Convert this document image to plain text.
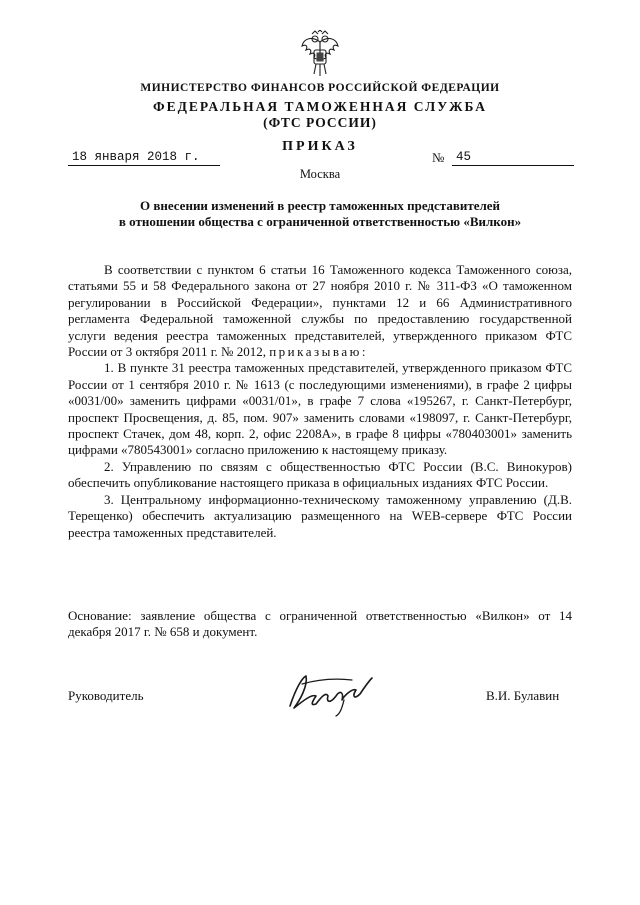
МИНИСТЕРСТВО ФИНАНСОВ РОССИЙСКОЙ ФЕДЕРАЦИИ
ФЕДЕРАЛЬНАЯ ТАМОЖЕННАЯ СЛУЖБА
(ФТС РОССИИ)
ПРИКАЗ
18 января 2018 г.	№ 45
Москва
О внесении изменений в реестр таможенных представителей
в отношении общества с ограниченной ответственностью «Вилкон»

В соответствии с пунктом 6 статьи 16 Таможенного кодекса Таможенного союза, статьями 55 и 58 Федерального закона от 27 ноября 2010 г. № 311-ФЗ «О таможенном регулировании в Российской Федерации», пунктами 12 и 66 Административного регламента Федеральной таможенной службы по предоставлению государственной услуги ведения реестра таможенных представителей, утвержденного приказом ФТС России от 3 октября 2011 г. № 2012, приказываю:

1. В пункте 31 реестра таможенных представителей, утвержденного приказом ФТС России от 1 сентября 2010 г. № 1613 (с последующими изменениями), в графе 2 цифры «0031/00» заменить цифрами «0031/01», в графе 7 слова «195267, г. Санкт-Петербург, проспект Просвещения, д. 85, пом. 907» заменить словами «198097, г. Санкт-Петербург, проспект Стачек, дом 48, корп. 2, офис 2208А», в графе 8 цифры «780403001» заменить цифрами «780543001» согласно приложению к настоящему приказу.

2. Управлению по связям с общественностью ФТС России (В.С. Винокуров) обеспечить опубликование настоящего приказа в официальных изданиях ФТС России.

3. Центральному информационно-техническому таможенному управлению (Д.В. Терещенко) обеспечить актуализацию размещенного на WEB-сервере ФТС России реестра таможенных представителей.

Основание: заявление общества с ограниченной ответственностью «Вилкон» от 14 декабря 2017 г. № 658 и документ.
Руководитель	В.И. Булавин
